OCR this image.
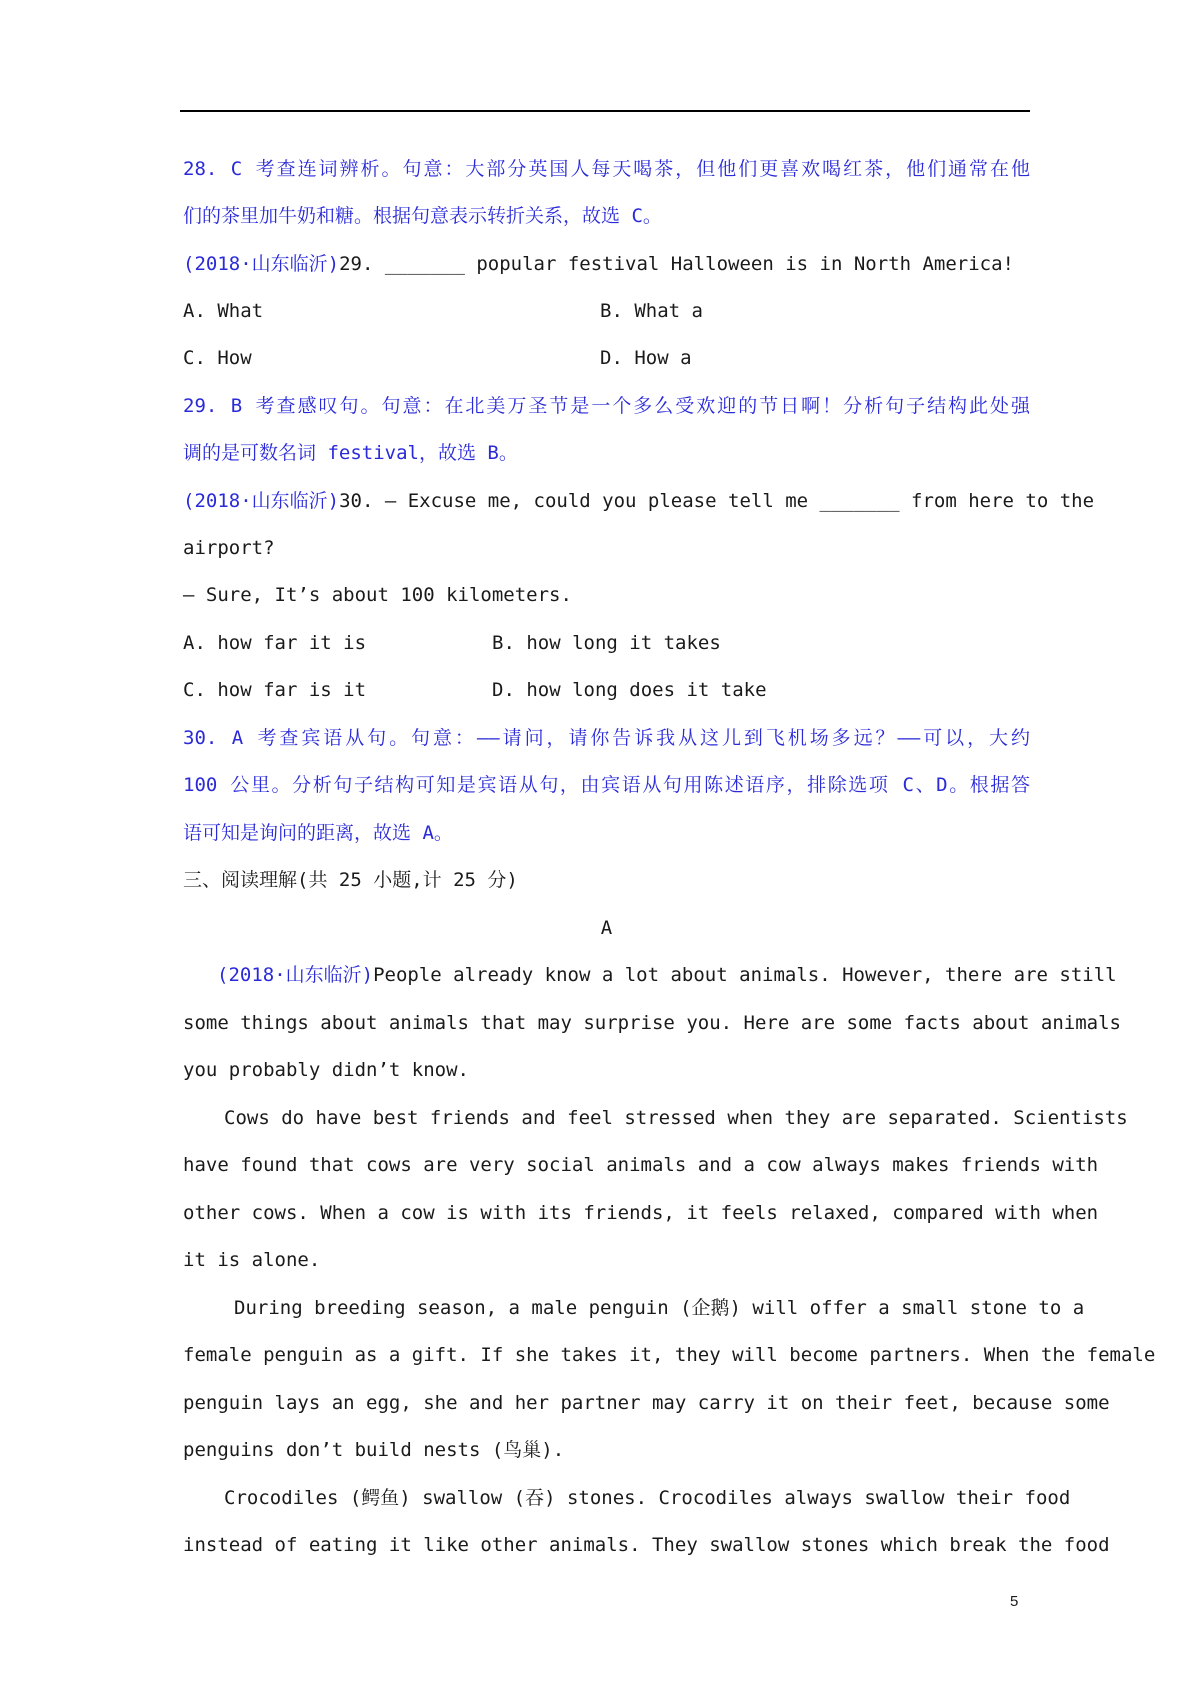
28. C 考查连词辨析。句意：大部分英国人每天喝茶，但他们更喜欢喝红茶，他们通常在他
们的茶里加牛奶和糖。根据句意表示转折关系，故选 C。
(2018·山东临沂)29. _______ popular festival Halloween is in North America!
A. What	B. What a
C. How	D. How a
29. B 考查感叹句。句意：在北美万圣节是一个多么受欢迎的节日啊！分析句子结构此处强
调的是可数名词 festival，故选 B。
(2018·山东临沂)30. — Excuse me, could you please tell me _______ from here to the
airport?
— Sure, It’s about 100 kilometers.
A. how far it is	B. how long it takes
C. how far is it	D. how long does it take
30. A 考查宾语从句。句意：——请问，请你告诉我从这儿到飞机场多远？——可以，大约
100 公里。分析句子结构可知是宾语从句，由宾语从句用陈述语序，排除选项 C、D。根据答
语可知是询问的距离，故选 A。
三、阅读理解(共 25 小题,计 25 分)
A
(2018·山东临沂)People already know a lot about animals. However, there are still
some things about animals that may surprise you. Here are some facts about animals
you probably didn’t know.
Cows do have best friends and feel stressed when they are separated. Scientists
have found that cows are very social animals and a cow always makes friends with
other cows. When a cow is with its friends, it feels relaxed, compared with when
it is alone.
During breeding season, a male penguin (企鹅) will offer a small stone to a
female penguin as a gift. If she takes it, they will become partners. When the female
penguin lays an egg, she and her partner may carry it on their feet, because some
penguins don’t build nests (鸟巢).
Crocodiles (鳄鱼) swallow (吞) stones. Crocodiles always swallow their food
instead of eating it like other animals. They swallow stones which break the food
5
